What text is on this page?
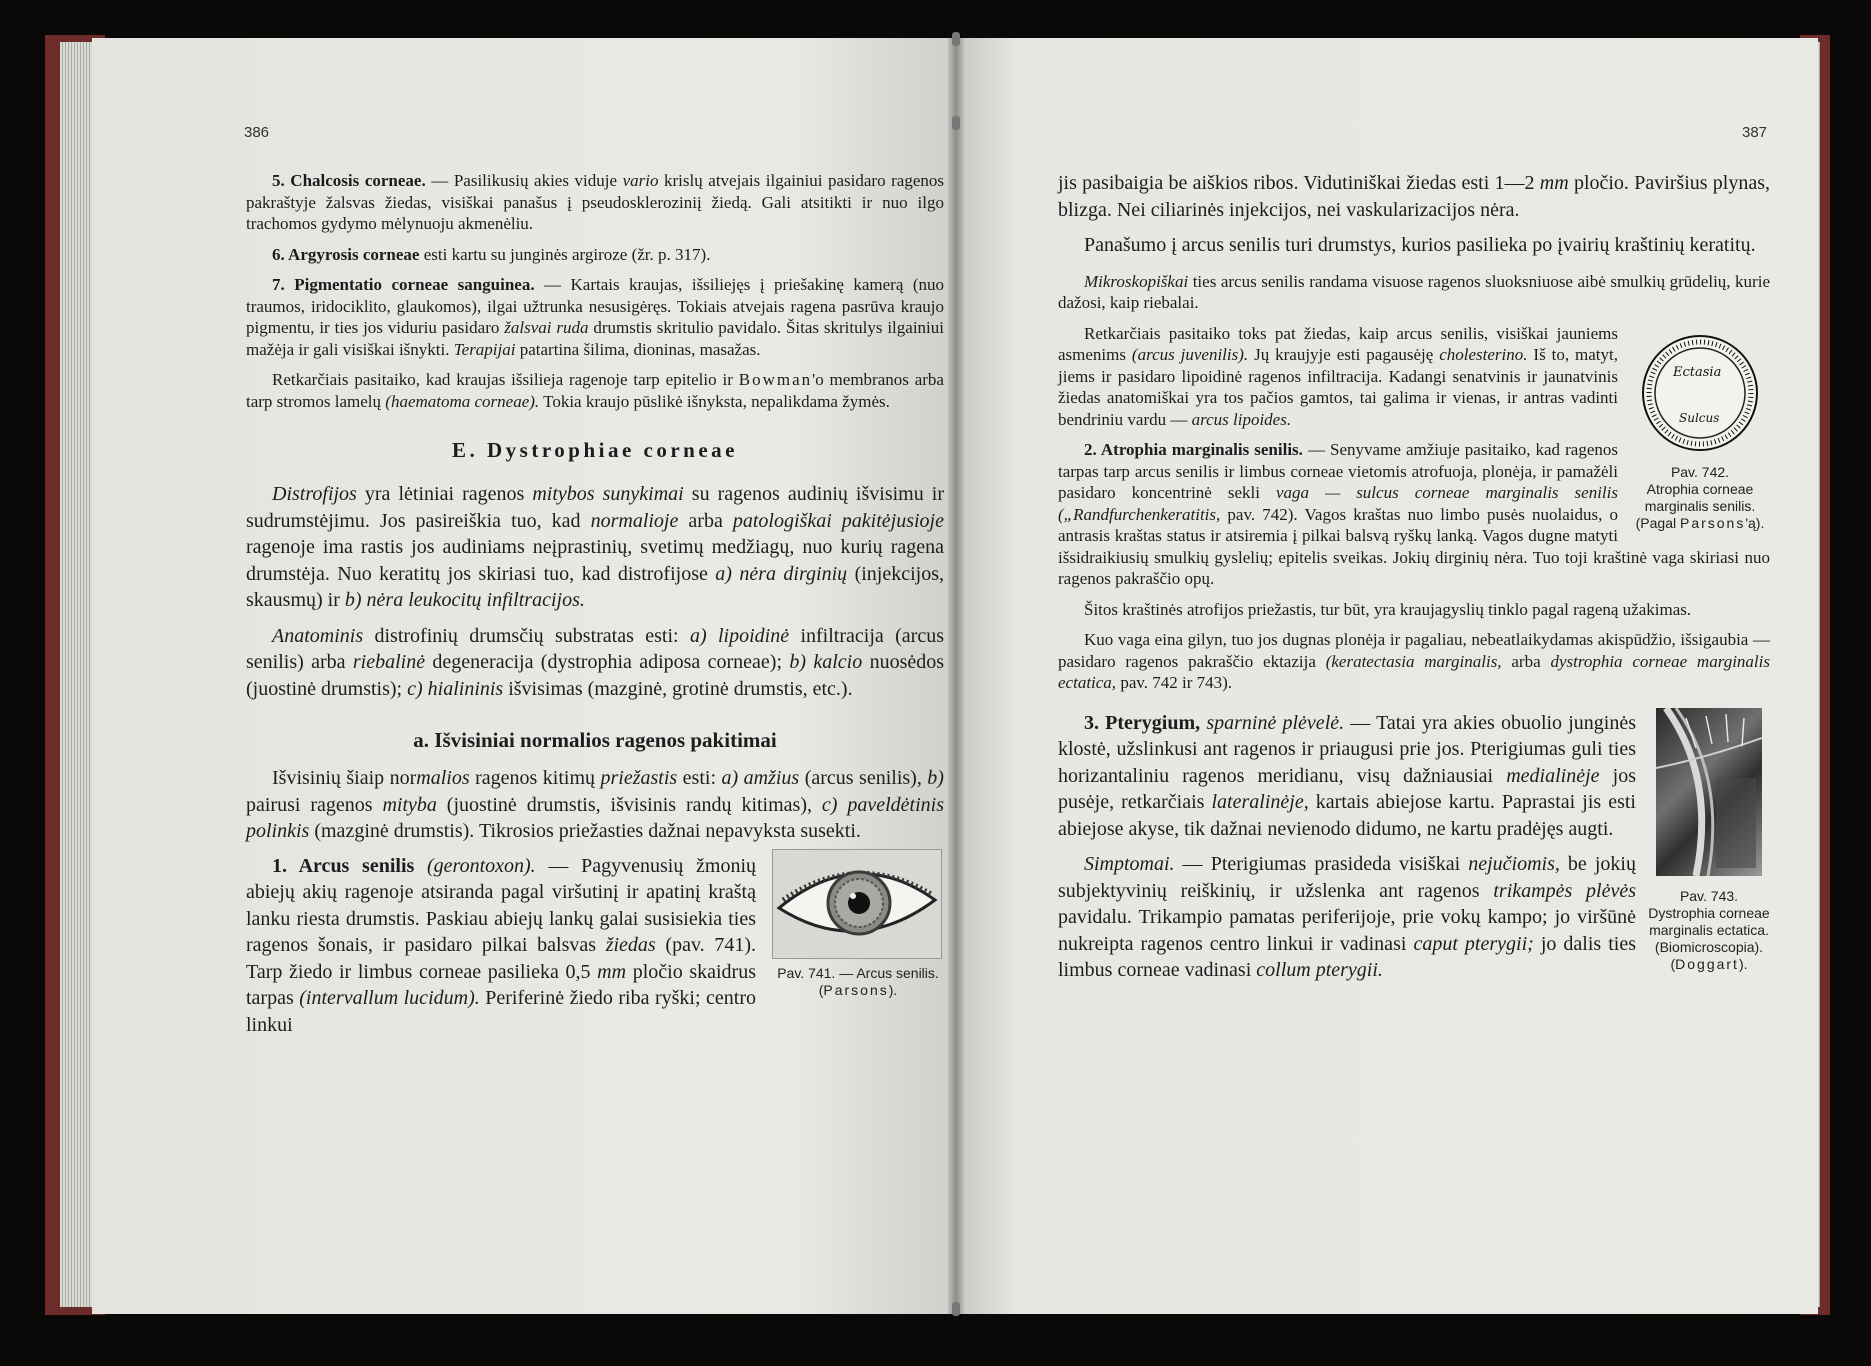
386

5. Chalcosis corneae. — Pasilikusių akies viduje vario krislų atvejais ilgainiui pasidaro ragenos pakraštyje žalsvas žiedas, visiškai panašus į pseudoskleroziniį žiedą. Gali atsitikti ir nuo ilgo trachomos gydymo mėlynuoju akmenėliu.

6. Argyrosis corneae esti kartu su junginės argiroze (žr. p. 317).

7. Pigmentatio corneae sanguinea. — Kartais kraujas, išsiliejęs į priešakinę kamerą (nuo traumos, iridociklito, glaukomos), ilgai užtrunka nesusigėręs. Tokiais atvejais ragena pasrūva kraujo pigmentu, ir ties jos viduriu pasidaro žalsvai ruda drumstis skritulio pavidalo. Šitas skritulys ilgainiui mažėja ir gali visiškai išnykti. Terapijai patartina šilima, dioninas, masažas.

Retkarčiais pasitaiko, kad kraujas išsilieja ragenoje tarp epitelio ir Bowman'o membranos arba tarp stromos lamelų (haematoma corneae). Tokia kraujo pūslikė išnyksta, nepalikdama žymės.

E. Dystrophiae corneae

Distrofijos yra lėtiniai ragenos mitybos sunykimai su ragenos audinių išvisimu ir sudrumstėjimu. Jos pasireiškia tuo, kad normalioje arba patologiškai pakitėjusioje ragenoje ima rastis jos audiniams neįprastinių, svetimų medžiagų, nuo kurių ragena drumstėja. Nuo keratitų jos skiriasi tuo, kad distrofijose a) nėra dirginių (injekcijos, skausmų) ir b) nėra leukocitų infiltracijos.

Anatominis distrofinių drumsčių substratas esti: a) lipoidinė infiltracija (arcus senilis) arba riebalinė degeneracija (dystrophia adiposa corneae); b) kalcio nuosėdos (juostinė drumstis); c) hialininis išvisimas (mazginė, grotinė drumstis, etc.).

a. Išvisiniai normalios ragenos pakitimai

Išvisinių šiaip normalios ragenos kitimų priežastis esti: a) amžius (arcus senilis), b) pairusi ragenos mityba (juostinė drumstis, išvisinis randų kitimas), c) paveldėtinis polinkis (mazginė drumstis). Tikrosios priežasties dažnai nepavyksta susekti.

Pav. 741. — Arcus senilis. (Parsons).

1. Arcus senilis (gerontoxon). — Pagyvenusių žmonių abiejų akių ragenoje atsiranda pagal viršutinį ir apatinį kraštą lanku riesta drumstis. Paskiau abiejų lankų galai susisiekia ties ragenos šonais, ir pasidaro pilkai balsvas žiedas (pav. 741). Tarp žiedo ir limbus corneae pasilieka 0,5 mm pločio skaidrus tarpas (intervallum lucidum). Periferinė žiedo riba ryški; centro linkui

387

jis pasibaigia be aiškios ribos. Vidutiniškai žiedas esti 1—2 mm pločio. Paviršius plynas, blizga. Nei ciliarinės injekcijos, nei vaskularizacijos nėra.

Panašumo į arcus senilis turi drumstys, kurios pasilieka po įvairių kraštinių keratitų.

Mikroskopiškai ties arcus senilis randama visuose ragenos sluoksniuose aibė smulkių grūdelių, kurie dažosi, kaip riebalai.

Ectasia
Sulcus
Pav. 742.
Atrophia corneae marginalis senilis. (Pagal Parsons'ą).

Retkarčiais pasitaiko toks pat žiedas, kaip arcus senilis, visiškai jauniems asmenims (arcus juvenilis). Jų kraujyje esti pagausėję cholesterino. Iš to, matyt, jiems ir pasidaro lipoidinė ragenos infiltracija. Kadangi senatvinis ir jaunatvinis žiedas anatomiškai yra tos pačios gamtos, tai galima ir vienas, ir antras vadinti bendriniu vardu — arcus lipoides.

2. Atrophia marginalis senilis. — Senyvame amžiuje pasitaiko, kad ragenos tarpas tarp arcus senilis ir limbus corneae vietomis atrofuoja, plonėja, ir pamažėli pasidaro koncentrinė sekli vaga — sulcus corneae marginalis senilis („Randfurchenkeratitis, pav. 742). Vagos kraštas nuo limbo pusės nuolaidus, o antrasis kraštas status ir atsiremia į pilkai balsvą ryškų lanką. Vagos dugne matyti išsidraikiusių smulkių gyslelių; epitelis sveikas. Jokių dirginių nėra. Tuo toji kraštinė vaga skiriasi nuo ragenos pakraščio opų.

Šitos kraštinės atrofijos priežastis, tur būt, yra kraujagyslių tinklo pagal rageną užakimas.

Kuo vaga eina gilyn, tuo jos dugnas plonėja ir pagaliau, nebeatlaikydamas akispūdžio, išsigaubia — pasidaro ragenos pakraščio ektazija (keratectasia marginalis, arba dystrophia corneae marginalis ectatica, pav. 742 ir 743).

Pav. 743.
Dystrophia corneae marginalis ectatica. (Biomicroscopia). (Doggart).

3. Pterygium, sparninė plėvelė. — Tatai yra akies obuolio junginės klostė, užslinkusi ant ragenos ir priaugusi prie jos. Pterigiumas guli ties horizantaliniu ragenos meridianu, visų dažniausiai medialinėje jos pusėje, retkarčiais lateralinėje, kartais abiejose kartu. Paprastai jis esti abiejose akyse, tik dažnai nevienodo didumo, ne kartu pradėjęs augti.

Simptomai. — Pterigiumas prasideda visiškai nejučiomis, be jokių subjektyvinių reiškinių, ir užslenka ant ragenos trikampės plėvės pavidalu. Trikampio pamatas periferijoje, prie vokų kampo; jo viršūnė nukreipta ragenos centro linkui ir vadinasi caput pterygii; jo dalis ties limbus corneae vadinasi collum pterygii.
